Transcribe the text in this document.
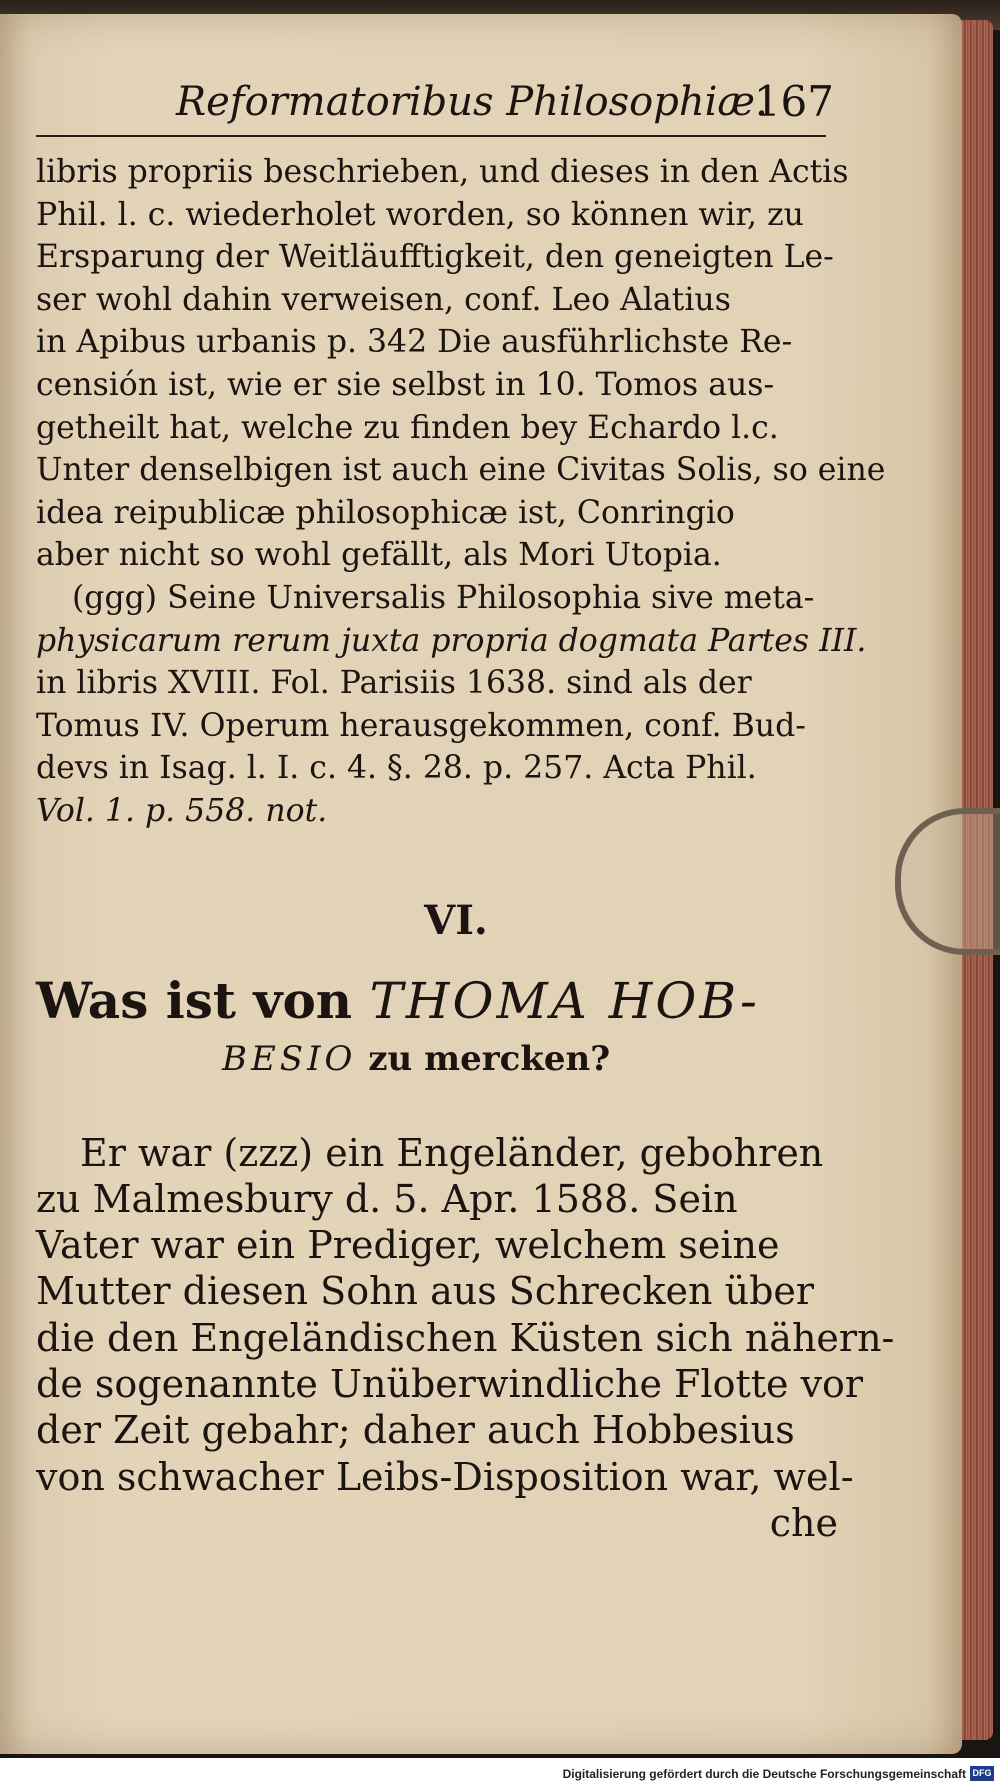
Reformatoribus Philosophiæ.
167
libris propriis beschrieben, und dieses in den Actis
Phil. l. c. wiederholet worden, so können wir, zu
Ersparung der Weitläufftigkeit, den geneigten Le-
ser wohl dahin verweisen, conf. Leo Alatius
in Apibus urbanis p. 342 Die ausführlichste Re-
censión ist, wie er sie selbst in 10. Tomos aus-
getheilt hat, welche zu finden bey Echardo l.c.
Unter denselbigen ist auch eine Civitas Solis, so eine
idea reipublicæ philosophicæ ist, Conringio
aber nicht so wohl gefällt, als Mori Utopia.
(ggg) Seine Universalis Philosophia sive meta-
physicarum rerum juxta propria dogmata Partes III.
in libris XVIII. Fol. Parisiis 1638. sind als der
Tomus IV. Operum herausgekommen, conf. Bud-
devs in Isag. l. I. c. 4. §. 28. p. 257. Acta Phil.
Vol. 1. p. 558. not.
VI.
Was ist von THOMA HOB-
BESIO zu mercken?
Er war (zzz) ein Engeländer, gebohren
zu Malmesbury d. 5. Apr. 1588. Sein
Vater war ein Prediger, welchem seine
Mutter diesen Sohn aus Schrecken über
die den Engeländischen Küsten sich nähern-
de sogenannte Unüberwindliche Flotte vor
der Zeit gebahr; daher auch Hobbesius
von schwacher Leibs-Disposition war, wel-
che
Digitalisierung gefördert durch die Deutsche Forschungsgemeinschaft DFG
